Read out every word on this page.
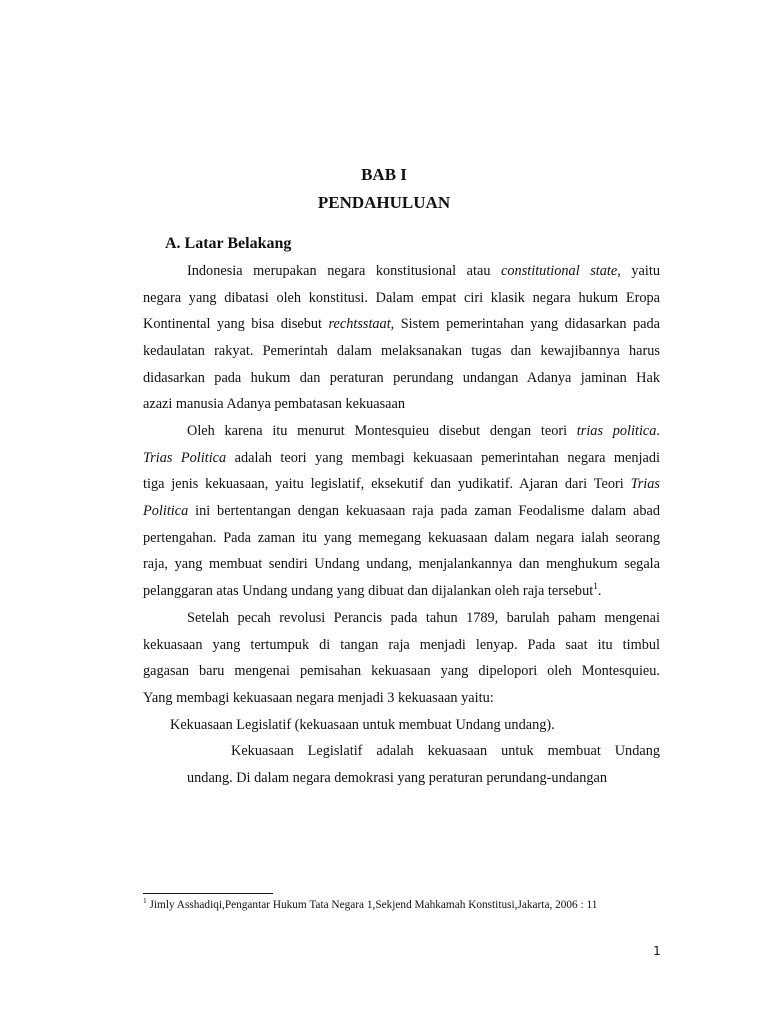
BAB I
PENDAHULUAN
A. Latar Belakang
Indonesia merupakan negara konstitusional atau constitutional state, yaitu
negara yang dibatasi oleh konstitusi. Dalam empat ciri klasik negara hukum Eropa
Kontinental yang bisa disebut rechtsstaat, Sistem pemerintahan yang didasarkan pada
kedaulatan rakyat. Pemerintah dalam melaksanakan tugas dan kewajibannya harus
didasarkan pada hukum dan peraturan perundang undangan Adanya jaminan Hak
azazi manusia Adanya pembatasan kekuasaan
Oleh karena itu menurut Montesquieu disebut dengan teori trias politica.
Trias Politica adalah teori yang membagi kekuasaan pemerintahan negara menjadi
tiga jenis kekuasaan, yaitu legislatif, eksekutif dan yudikatif. Ajaran dari Teori Trias
Politica ini bertentangan dengan kekuasaan raja pada zaman Feodalisme dalam abad
pertengahan. Pada zaman itu yang memegang kekuasaan dalam negara ialah seorang
raja, yang membuat sendiri Undang undang, menjalankannya dan menghukum segala
pelanggaran atas Undang undang yang dibuat dan dijalankan oleh raja tersebut$^1$.
Setelah pecah revolusi Perancis pada tahun 1789, barulah paham mengenai
kekuasaan yang tertumpuk di tangan raja menjadi lenyap. Pada saat itu timbul
gagasan baru mengenai pemisahan kekuasaan yang dipelopori oleh Montesquieu.
Yang membagi kekuasaan negara menjadi 3 kekuasaan yaitu:
Kekuasaan Legislatif (kekuasaan untuk membuat Undang undang).
Kekuasaan Legislatif adalah kekuasaan untuk membuat Undang
undang. Di dalam negara demokrasi yang peraturan perundang-undangan
$^1$ Jimly Asshadiqi,Pengantar Hukum Tata Negara 1,Sekjend Mahkamah Konstitusi,Jakarta, 2006 : 11
1
